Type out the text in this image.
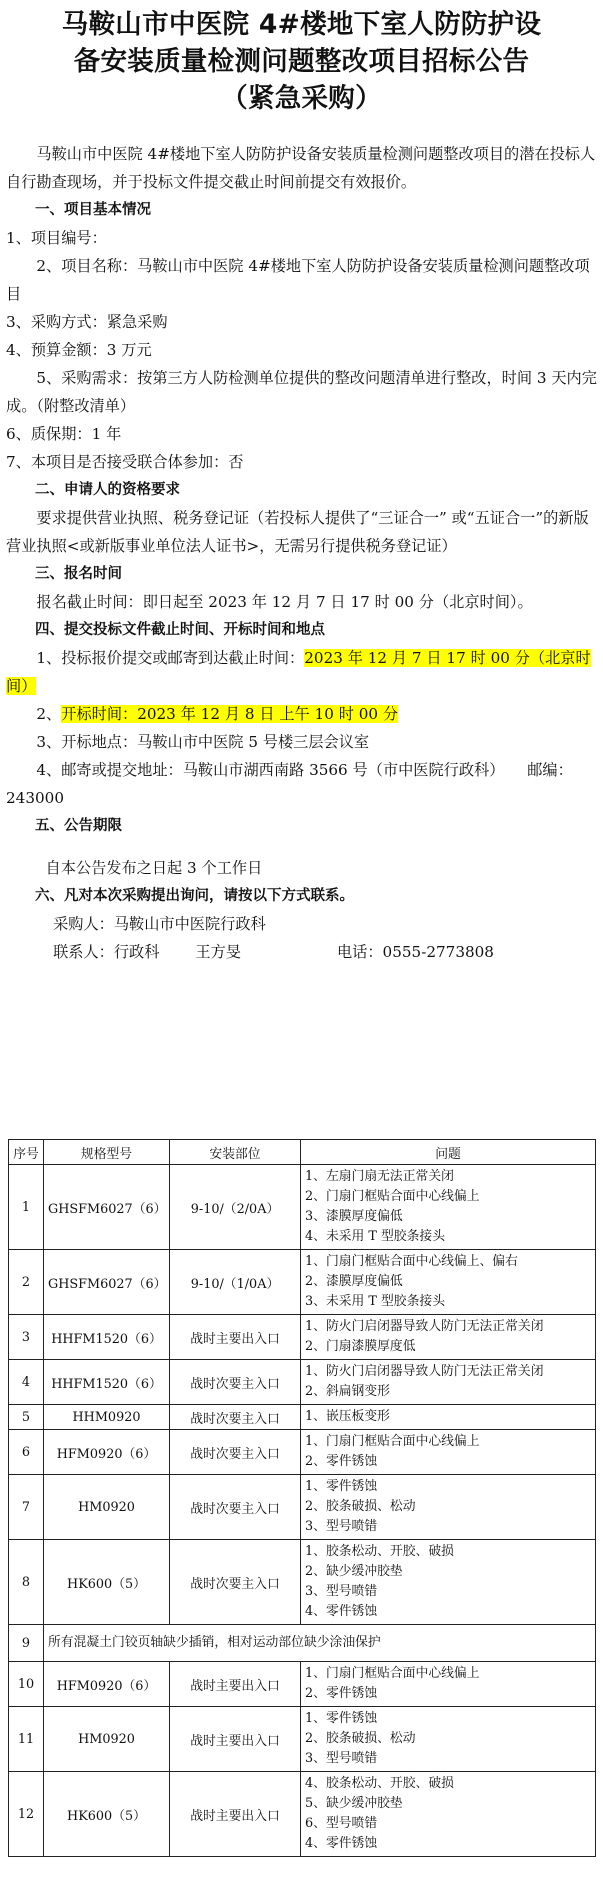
马鞍山市中医院 4#楼地下室人防防护设
备安装质量检测问题整改项目招标公告
（紧急采购）

马鞍山市中医院 4#楼地下室人防防护设备安装质量检测问题整改项目的潜在投标人自行勘查现场，并于投标文件提交截止时间前提交有效报价。

一、项目基本情况

1、项目编号：

2、项目名称：马鞍山市中医院 4#楼地下室人防防护设备安装质量检测问题整改项目

3、采购方式：紧急采购

4、预算金额：3 万元

5、采购需求：按第三方人防检测单位提供的整改问题清单进行整改，时间 3 天内完成。（附整改清单）

6、质保期：1 年

7、本项目是否接受联合体参加：否

二、申请人的资格要求

要求提供营业执照、税务登记证（若投标人提供了“三证合一” 或“五证合一”的新版营业执照<或新版事业单位法人证书>，无需另行提供税务登记证）

三、报名时间

报名截止时间：即日起至 2023 年 12 月 7 日 17 时 00 分（北京时间）。

四、提交投标文件截止时间、开标时间和地点

1、投标报价提交或邮寄到达截止时间：2023 年 12 月 7 日 17 时 00 分（北京时间）

2、开标时间：2023 年 12 月 8 日 上午 10 时 00 分

3、开标地点：马鞍山市中医院 5 号楼三层会议室

4、邮寄或提交地址：马鞍山市湖西南路 3566 号（市中医院行政科）　　邮编：243000

五、公告期限

自本公告发布之日起 3 个工作日

六、凡对本次采购提出询问，请按以下方式联系。

采购人：马鞍山市中医院行政科

联系人：行政科 王方旻	电话：0555-2773808

序号	规格型号	安装部位	问题
1	GHSFM6027（6）	9-10/（2/0A）	1、左扇门扇无法正常关闭
2、门扇门框贴合面中心线偏上
3、漆膜厚度偏低
4、未采用 T 型胶条接头

2	GHSFM6027（6）	9-10/（1/0A）	1、门扇门框贴合面中心线偏上、偏右
2、漆膜厚度偏低
3、未采用 T 型胶条接头

3	HHFM1520（6）	战时主要出入口	1、防火门启闭器导致人防门无法正常关闭
2、门扇漆膜厚度低

4	HHFM1520（6）	战时次要主入口	1、防火门启闭器导致人防门无法正常关闭
2、斜扁钢变形

5	HHM0920	战时次要主入口	1、嵌压板变形

6	HFM0920（6）	战时次要主入口	1、门扇门框贴合面中心线偏上
2、零件锈蚀

7	HM0920	战时次要主入口	1、零件锈蚀
2、胶条破损、松动
3、型号喷错

8	HK600（5）	战时次要主入口	1、胶条松动、开胶、破损
2、缺少缓冲胶垫
3、型号喷错
4、零件锈蚀

9	所有混凝土门铰页轴缺少插销，相对运动部位缺少涂油保护		
10	HFM0920（6）	战时主要出入口	1、门扇门框贴合面中心线偏上
2、零件锈蚀

11	HM0920	战时主要出入口	1、零件锈蚀
2、胶条破损、松动
3、型号喷错

12	HK600（5）	战时主要出入口	4、胶条松动、开胶、破损
5、缺少缓冲胶垫
6、型号喷错
4、零件锈蚀
